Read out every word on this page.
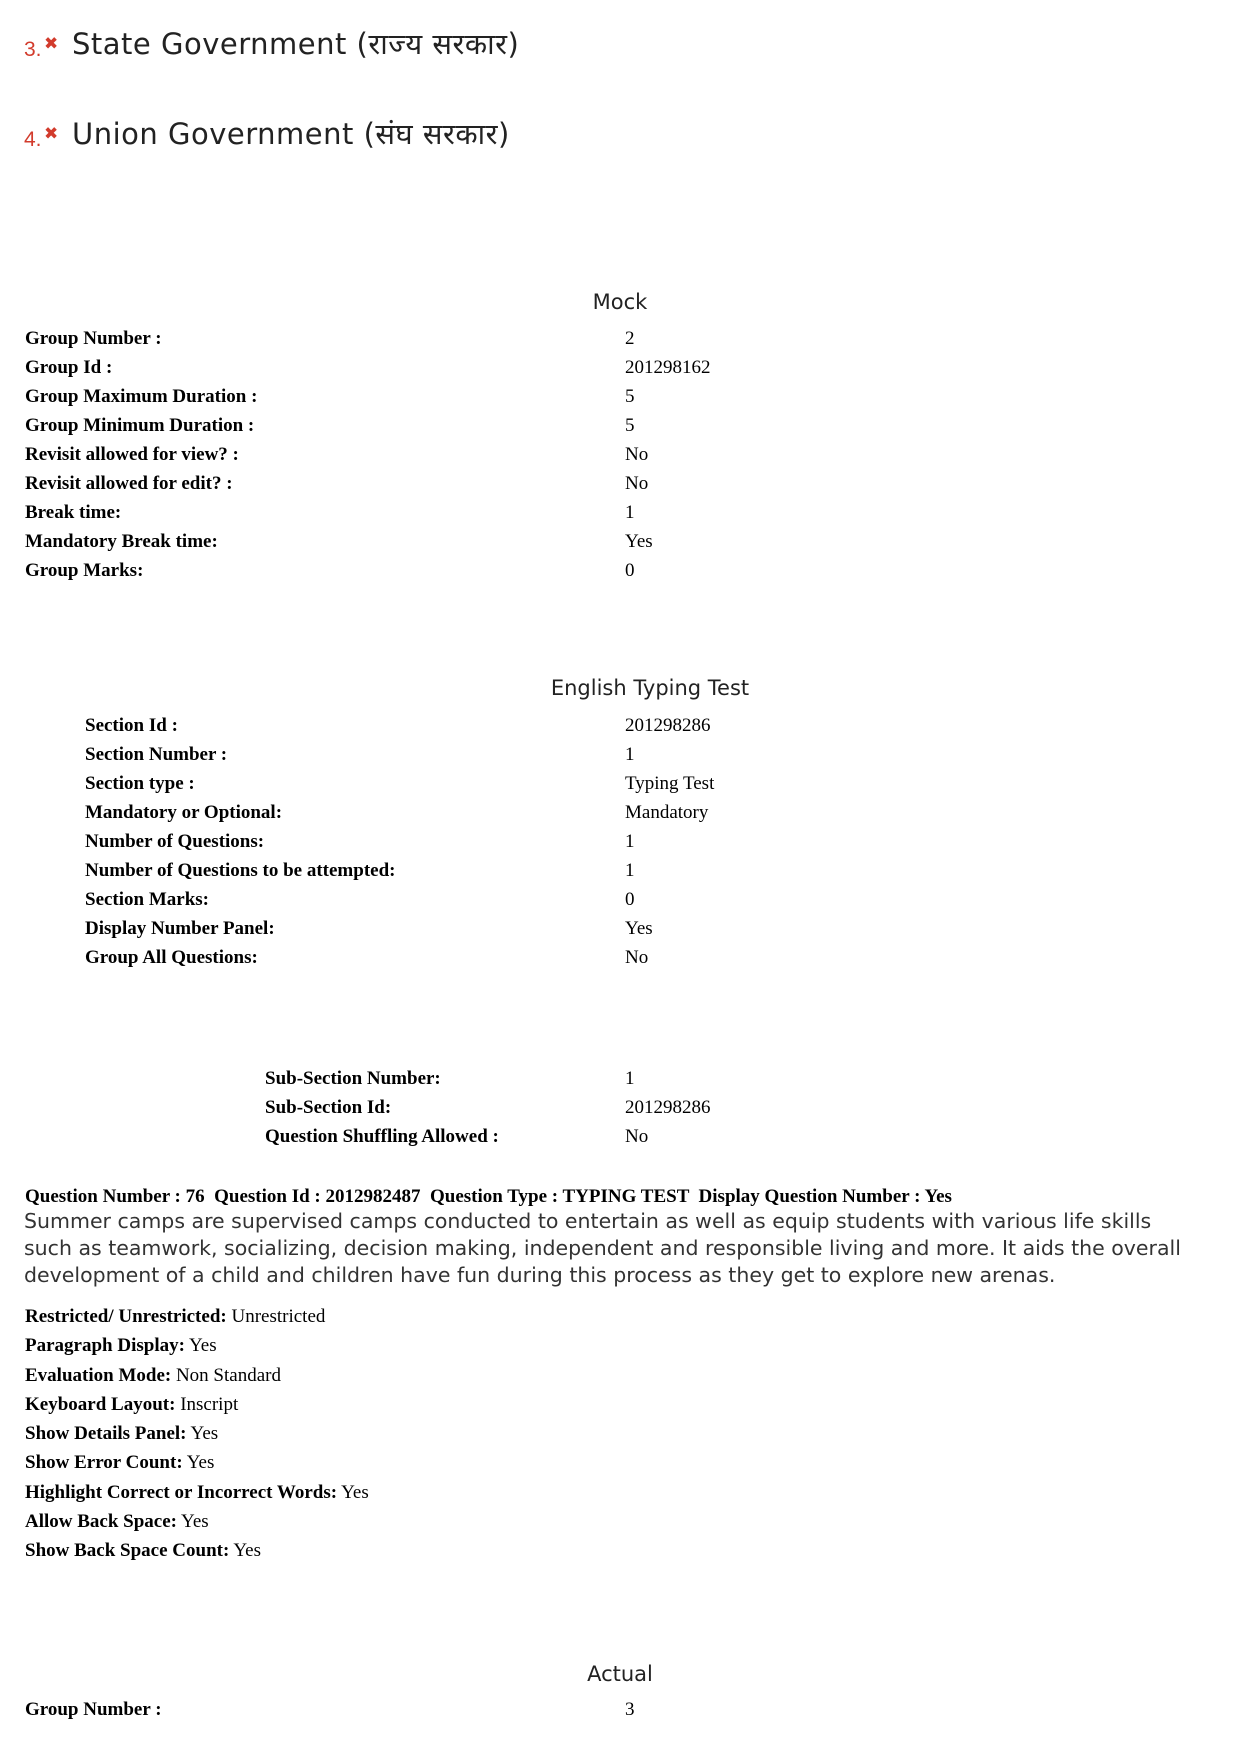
3. ✖ State Government (राज्य सरकार)
4. ✖ Union Government (संघ सरकार)
Mock
Group Number :	2
Group Id :	201298162
Group Maximum Duration :	5
Group Minimum Duration :	5
Revisit allowed for view? :	No
Revisit allowed for edit? :	No
Break time:	1
Mandatory Break time:	Yes
Group Marks:	0
English Typing Test
Section Id :	201298286
Section Number :	1
Section type :	Typing Test
Mandatory or Optional:	Mandatory
Number of Questions:	1
Number of Questions to be attempted:	1
Section Marks:	0
Display Number Panel:	Yes
Group All Questions:	No
Sub-Section Number:	1
Sub-Section Id:	201298286
Question Shuffling Allowed :	No
Question Number : 76  Question Id : 2012982487  Question Type : TYPING TEST  Display Question Number : Yes
Summer camps are supervised camps conducted to entertain as well as equip students with various life skills such as teamwork, socializing, decision making, independent and responsible living and more. It aids the overall development of a child and children have fun during this process as they get to explore new arenas.
Restricted/ Unrestricted: Unrestricted
Paragraph Display: Yes
Evaluation Mode: Non Standard
Keyboard Layout: Inscript
Show Details Panel: Yes
Show Error Count: Yes
Highlight Correct or Incorrect Words: Yes
Allow Back Space: Yes
Show Back Space Count: Yes
Actual
Group Number :	3
